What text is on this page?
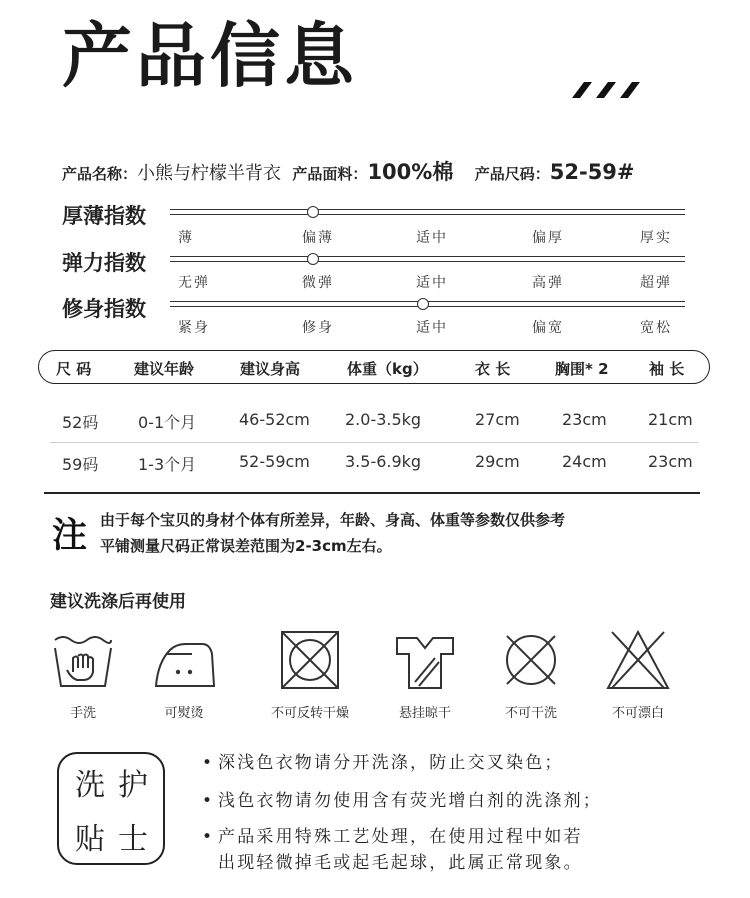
产品信息
产品名称：小熊与柠檬半背衣 产品面料：100%棉 产品尺码：52-59#
厚薄指数
薄	偏薄	适中	偏厚	厚实
弹力指数
无弹	微弹	适中	高弹	超弹
修身指数
紧身	修身	适中	偏宽	宽松
尺 码	建议年龄	建议身高	体重（kg）	衣 长	胸围* 2	袖 长
52码 0-1个月	46-52cm 2.0-3.5kg	27cm	23cm	21cm
59码 1-3个月	52-59cm 3.5-6.9kg	29cm	24cm	23cm
注 由于每个宝贝的身材个体有所差异，年龄、身高、体重等参数仅供参考
平铺测量尺码正常误差范围为2-3cm左右。
建议洗涤后再使用
手洗	可熨烫	不可反转干燥	悬挂晾干	不可干洗	不可漂白
洗 护
贴 士
• 深浅色衣物请分开洗涤，防止交叉染色；
• 浅色衣物请勿使用含有荧光增白剂的洗涤剂；
• 产品采用特殊工艺处理，在使用过程中如若
出现轻微掉毛或起毛起球，此属正常现象。
